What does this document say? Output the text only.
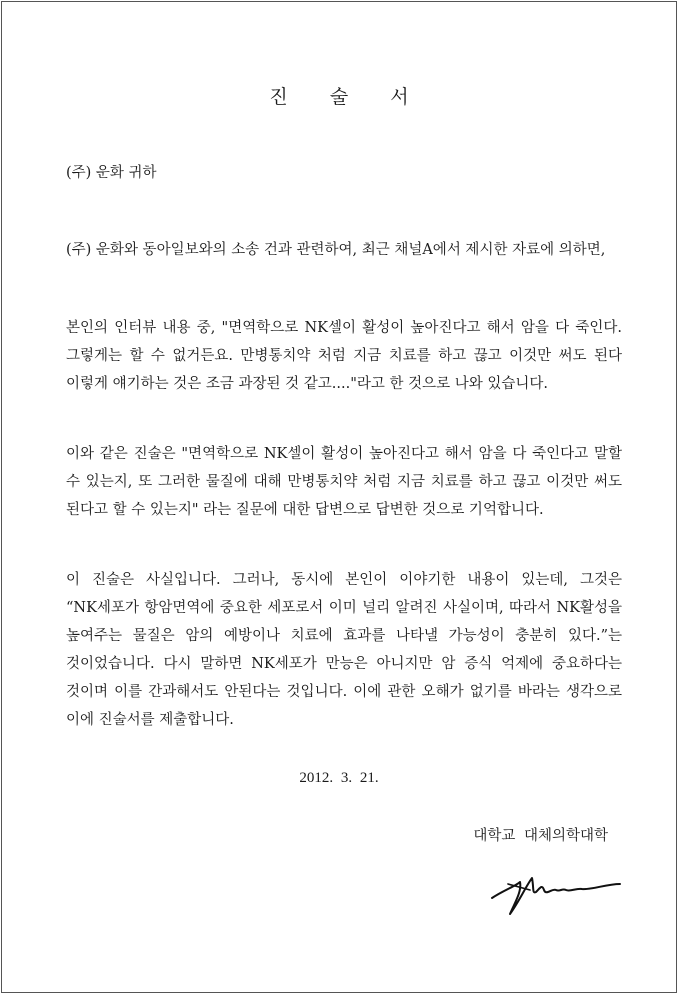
진 술 서

(주) 운화 귀하

(주) 운화와 동아일보와의 소송 건과 관련하여, 최근 채널A에서 제시한 자료에 의하면,

본인의 인터뷰 내용 중, "면역학으로 NK셀이 활성이 높아진다고 해서 암을 다 죽인다. 그렇게는 할 수 없거든요. 만병통치약 처럼 지금 치료를 하고 끊고 이것만 써도 된다 이렇게 얘기하는 것은 조금 과장된 것 같고...."라고 한 것으로 나와 있습니다.

이와 같은 진술은 "면역학으로 NK셀이 활성이 높아진다고 해서 암을 다 죽인다고 말할 수 있는지, 또 그러한 물질에 대해 만병통치약 처럼 지금 치료를 하고 끊고 이것만 써도 된다고 할 수 있는지" 라는 질문에 대한 답변으로 답변한 것으로 기억합니다.

이 진술은 사실입니다. 그러나, 동시에 본인이 이야기한 내용이 있는데, 그것은 “NK세포가 항암면역에 중요한 세포로서 이미 널리 알려진 사실이며, 따라서 NK활성을 높여주는 물질은 암의 예방이나 치료에 효과를 나타낼 가능성이 충분히 있다.”는 것이었습니다. 다시 말하면 NK세포가 만능은 아니지만 암 증식 억제에 중요하다는 것이며 이를 간과해서도 안된다는 것입니다. 이에 관한 오해가 없기를 바라는 생각으로 이에 진술서를 제출합니다.

2012. 3. 21.
대학교 대체의학대학
